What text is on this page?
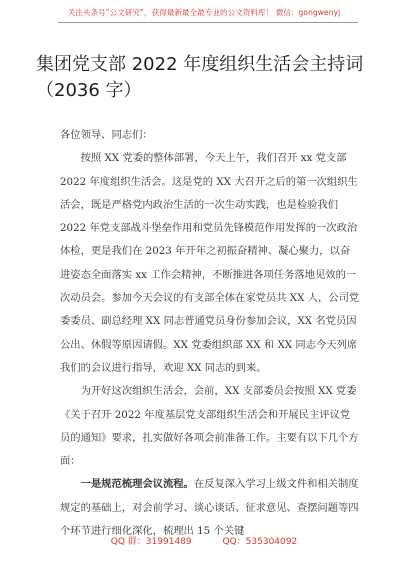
关注头条号“公文研究”，获得最新最全最专业的公文资料库！ 微信：gongwenyj
集团党支部 2022 年度组织生活会主持词
（2036 字）

各位领导、同志们：

按照 XX 党委的整体部署，今天上午，我们召开 xx 党支部 2022 年度组织生活会。这是党的 XX 大召开之后的第一次组织生活会，既是严格党内政治生活的一次生动实践，也是检验我们 2022 年党支部战斗堡垒作用和党员先锋模范作用发挥的一次政治体检，更是我们在 2023 年开年之初振奋精神、凝心聚力，以奋进姿态全面落实 xx 工作会精神，不断推进各项任务落地见效的一次动员会。参加今天会议的有支部全体在家党员共 XX 人，公司党委委员、副总经理 XX 同志普通党员身份参加会议，XX 名党员因公出、休假等原因请假。XX 党委组织部 XX 和 XX 同志今天列席我们的会议进行指导，欢迎 XX 同志的到来。

为开好这次组织生活会，会前，XX 支部委员会按照 XX 党委《关于召开 2022 年度基层党支部组织生活会和开展民主评议党员的通知》要求，扎实做好各项会前准备工作。主要有以下几个方面：

一是规范梳理会议流程。在反复深入学习上级文件和相关制度规定的基础上，对会前学习、谈心谈话、征求意见、查摆问题等四个环节进行细化深化，梳理出 15 个关键

QQ 群：31991489	QQ：535304092
